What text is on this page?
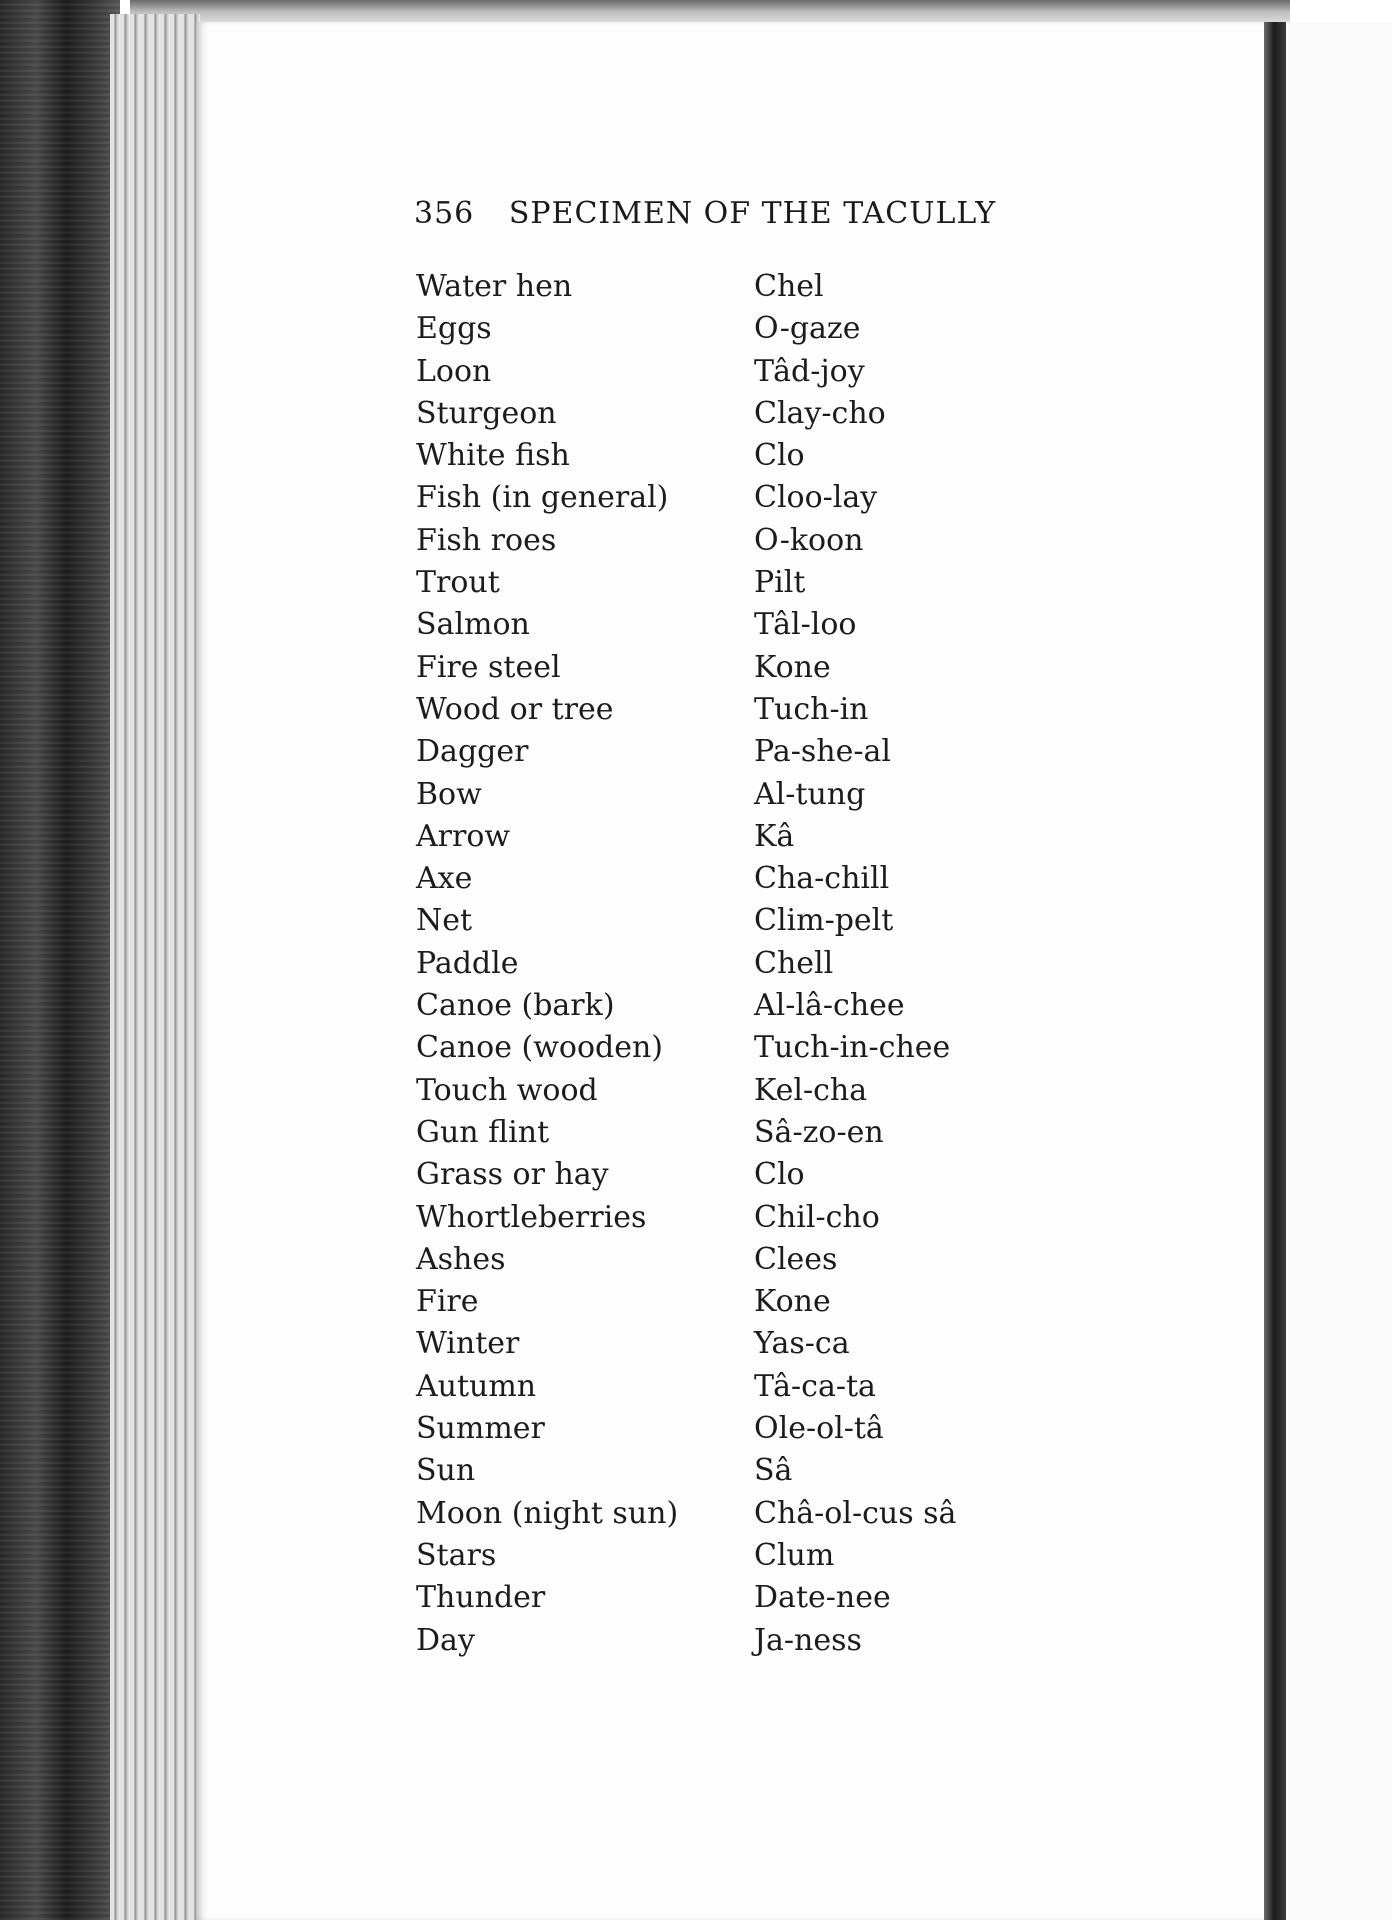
356 SPECIMEN OF THE TACULLY
Water hen	Chel
Eggs	O-gaze
Loon	Tâd-joy
Sturgeon	Clay-cho
White fish	Clo
Fish (in general)	Cloo-lay
Fish roes	O-koon
Trout	Pilt
Salmon	Tâl-loo
Fire steel	Kone
Wood or tree	Tuch-in
Dagger	Pa-she-al
Bow	Al-tung
Arrow	Kâ
Axe	Cha-chill
Net	Clim-pelt
Paddle	Chell
Canoe (bark)	Al-lâ-chee
Canoe (wooden)	Tuch-in-chee
Touch wood	Kel-cha
Gun flint	Sâ-zo-en
Grass or hay	Clo
Whortleberries	Chil-cho
Ashes	Clees
Fire	Kone
Winter	Yas-ca
Autumn	Tâ-ca-ta
Summer	Ole-ol-tâ
Sun	Sâ
Moon (night sun)	Châ-ol-cus sâ
Stars	Clum
Thunder	Date-nee
Day	Ja-ness
